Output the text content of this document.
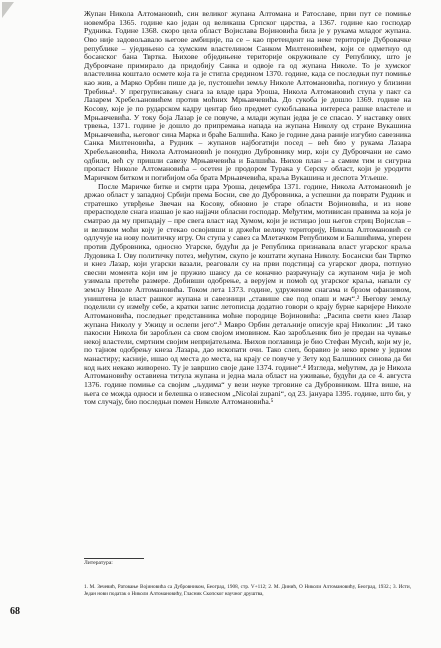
Жупан Никола Алтомановић, син великог жупана Алтомана и Ратославе, први пут се помиње новембра 1365. године као један од великаша Српског царства, а 1367. године као господар Рудника. Године 1368. скоро цела област Војислава Војиновића била је у рукама младог жупана. Ово није задовољавало његове амбиције, па се – као претендент на неке територије Дубровачке републике – уједињено са хумским властелином Санком Милтеновићем, који се одметнуо од босанског бана Твртка. Њихове обједињене територије окруживале су Републику, што је Дубровчане примирало да придобију Санка и одвоје га од жупана Николе. То је хумског властелина коштало осмете која га је стигла средином 1370. године, када се последњи пут помиње као жив, а Марко Орбин пише да је, пустошећи земљу Николе Алтомановића, погинуо у близини Требиња¹. У прегруписавању снага за владе цара Уроша, Никола Алтомановић ступа у пакт са Лазарем Хребељановићем против моћних Мрњавчевића. До сукоба је дошло 1369. године на Косову, које је по рударском кадру центар био предмет сукобљавања интереса рашке властеле и Мрњавчевића. У току боја Лазар је се повуче, а млади жупан једва је се спасао. У наставку ових трвења, 1371. године је дошло до припремања напада на жупана Николу од стране Вукашина Мрњавчевића, његовог сина Марка и браће Балшића. Како је године дана раније изгубио савезника Санка Милтеновића, а Рудник – жупанов најбогатији посед – већ био у рукама Лазара Хребељановића, Никола Алтомановић је понудио Дубровнику мир, који су Дубровчани не само одбили, већ су пришли савезу Мрњавчевића и Балшића. Њихов план – а самим тим и сигурна пропаст Николе Алтомановића – осетен је продором Турака у Серску област, који је уродити Маричком битком и погибијом оба брата Мрњавчевића, краља Вукашина и деспота Угљеше.

После Маричке битке и смрти цара Уроша, децембра 1371. године, Никола Алтомановић је држао област у западној Србији према Босни, све до Дубровника, а успешни да поврати Рудник и стратешко утврђење Звечан на Косову, обновио је старе области Војиновића, и из нове прерасподеле снага изашао је као најјачи обласни господар. Међутим, мотивисан правима за која је сматрао да му припадају – пре свега власт над Хумом, који је истицао још његов стриц Војислав – и великом моћи коју је стекао освојивши и држећи велику територију, Никола Алтомановић се одлучује на нову политичку игру. Он ступа у савез са Млетачком Републиком и Балшићима, уперен против Дубровника, односно Угарске, будући да је Република признавала власт угарског краља Лудовика I. Ову политичку потез, међутим, скупо је коштати жупана Николу. Босански бан Твртко и кнез Лазар, који угарски вазали, реаговали су на први подстицај са угарског двора, потпуно свесни момента који им је пружио шансу да се коначно разрачунају са жупаном чија је моћ узимала претеће размере. Добивши одобрење, а верујем и помоћ од угарског краља, напали су земљу Николе Алтомановића. Током лета 1373. године, удруженим снагама и брзом офанзивом, уништена је власт рашког жупана и савезници „ставише све под опаш и мач“.² Његову земљу поделили су између себе, а кратки запис летописца додатно говори о крају бурне каријере Николе Алтомановића, последњег представника моћне породице Војиновића: „Расипа свети кнез Лазар жупана Николу у Ужицу и ослепи јего“.³ Мавро Орбин детаљније описује крај Николин: „И тако пакосни Никола би заробљен са свом својом имовином. Као заробљеник био је предан на чување некој властели, смртним својим непријатељима. Њихов поглавица је био Стефан Мусић, који му је, по тајном одобрењу кнеза Лазара, дао ископати очи. Тако слеп, боравио је неко време у једном манастиру; касније, ишао од места до места, на крају се повуче у Зету код Балшиних синова да би код њих некако живорено. Ту је завршио своје дане 1374. године“.⁴ Изгледа, међутим, да је Никола Алтомановићу оставиена титула жупана и једна мала област на уживање, будући да се 4. августа 1376. године помиње са својим „људима“ у вези неуке трговине са Дубровником. Шта више, на њега се можда односи и белешка о извесном „Nicolai zupani“, од 23. јануара 1395. године, што би, у том случају, био последњи помен Николе Алтомановића.⁵

Литература:
1. М. Зечевић, Ратовање Војиновића са Дубровником, Београд, 1908, стр. V+112; 2. М. Динић, О Николи Алтомановићу, Београд, 1932.; 3. Исти, Један нови податак о Николи Алтомановићу, Гласник Скопског научног друштва,
68
